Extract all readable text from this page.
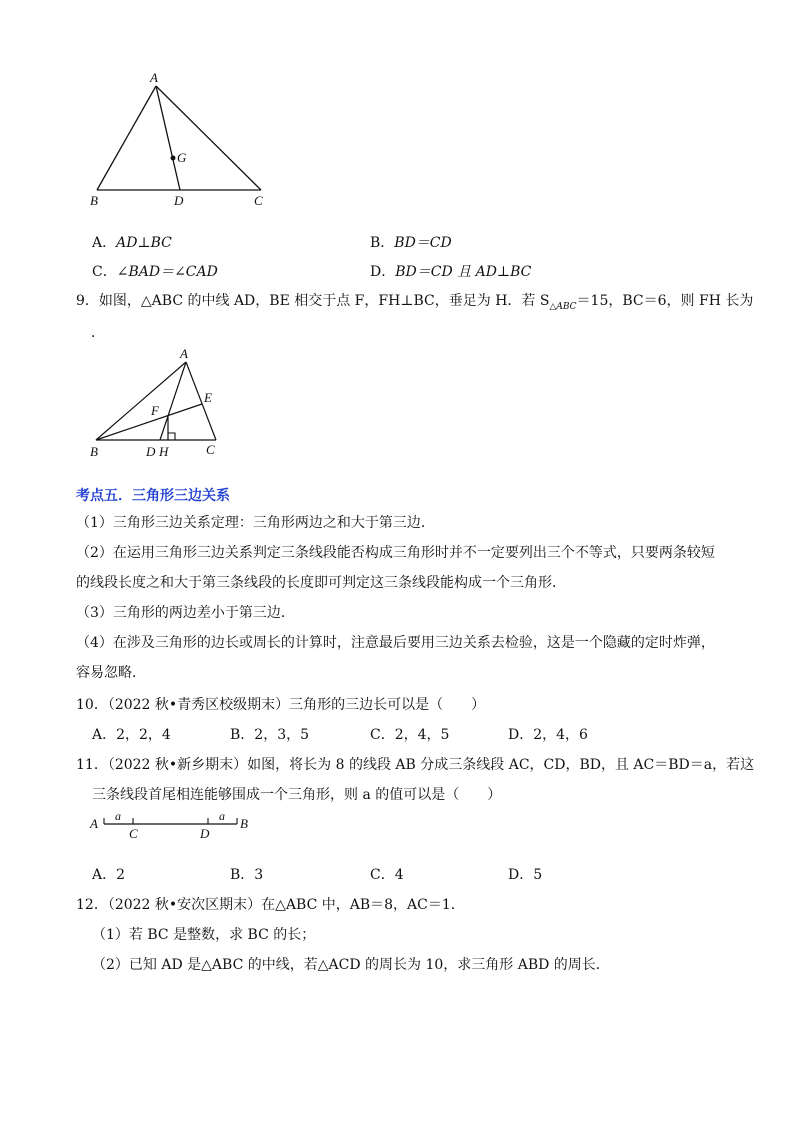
A
G
B	D	C
A．AD⊥BC	B．BD＝CD
C．∠BAD＝∠CAD	D．BD＝CD 且 AD⊥BC
9．如图，△ABC 的中线 AD，BE 相交于点 F，FH⊥BC，垂足为 H．若 $S_{\triangle ABC}=15$，BC＝6，则 FH 长为
．
A
E
F
B	D H	C
考点五．三角形三边关系
（1）三角形三边关系定理：三角形两边之和大于第三边．
（2）在运用三角形三边关系判定三条线段能否构成三角形时并不一定要列出三个不等式，只要两条较短
的线段长度之和大于第三条线段的长度即可判定这三条线段能构成一个三角形．
（3）三角形的两边差小于第三边．
（4）在涉及三角形的边长或周长的计算时，注意最后要用三边关系去检验，这是一个隐藏的定时炸弹，
容易忽略．
10．（2022 秋•青秀区校级期末）三角形的三边长可以是（　　）
A．2，2，4	B．2，3，5	C．2，4，5	D．2，4，6
11．（2022 秋•新乡期末）如图，将长为 8 的线段 AB 分成三条线段 AC，CD，BD，且 AC＝BD＝a，若这
三条线段首尾相连能够围成一个三角形，则 a 的值可以是（　　）
A	B
a	a
C	D
A．2	B．3	C．4	D．5
12．（2022 秋•安次区期末）在△ABC 中，AB＝8，AC＝1．
（1）若 BC 是整数，求 BC 的长；
（2）已知 AD 是△ABC 的中线，若△ACD 的周长为 10，求三角形 ABD 的周长．
